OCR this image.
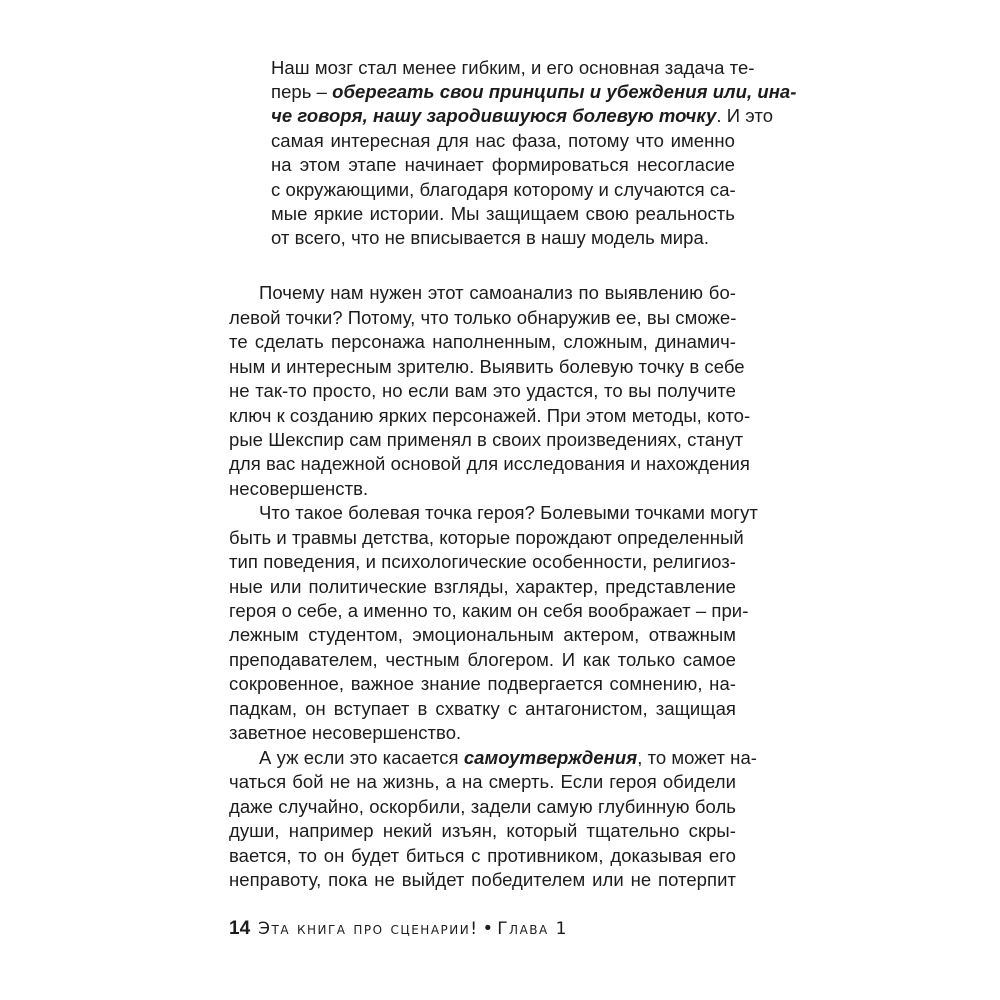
Наш мозг стал менее гибким, и его основная задача те-
перь – оберегать свои принципы и убеждения или, ина-
че говоря, нашу зародившуюся болевую точку. И это
самая интересная для нас фаза, потому что именно
на этом этапе начинает формироваться несогласие
с окружающими, благодаря которому и случаются са-
мые яркие истории. Мы защищаем свою реальность
от всего, что не вписывается в нашу модель мира.
Почему нам нужен этот самоанализ по выявлению бо-
левой точки? Потому, что только обнаружив ее, вы сможе-
те сделать персонажа наполненным, сложным, динамич-
ным и интересным зрителю. Выявить болевую точку в себе
не так-то просто, но если вам это удастся, то вы получите
ключ к созданию ярких персонажей. При этом методы, кото-
рые Шекспир сам применял в своих произведениях, станут
для вас надежной основой для исследования и нахождения
несовершенств.
Что такое болевая точка героя? Болевыми точками могут
быть и травмы детства, которые порождают определенный
тип поведения, и психологические особенности, религиоз-
ные или политические взгляды, характер, представление
героя о себе, а именно то, каким он себя воображает – при-
лежным студентом, эмоциональным актером, отважным
преподавателем, честным блогером. И как только самое
сокровенное, важное знание подвергается сомнению, на-
падкам, он вступает в схватку с антагонистом, защищая
заветное несовершенство.
А уж если это касается самоутверждения, то может на-
чаться бой не на жизнь, а на смерть. Если героя обидели
даже случайно, оскорбили, задели самую глубинную боль
души, например некий изъян, который тщательно скры-
вается, то он будет биться с противником, доказывая его
неправоту, пока не выйдет победителем или не потерпит
14 Эта книга про сценарии! • Глава 1
